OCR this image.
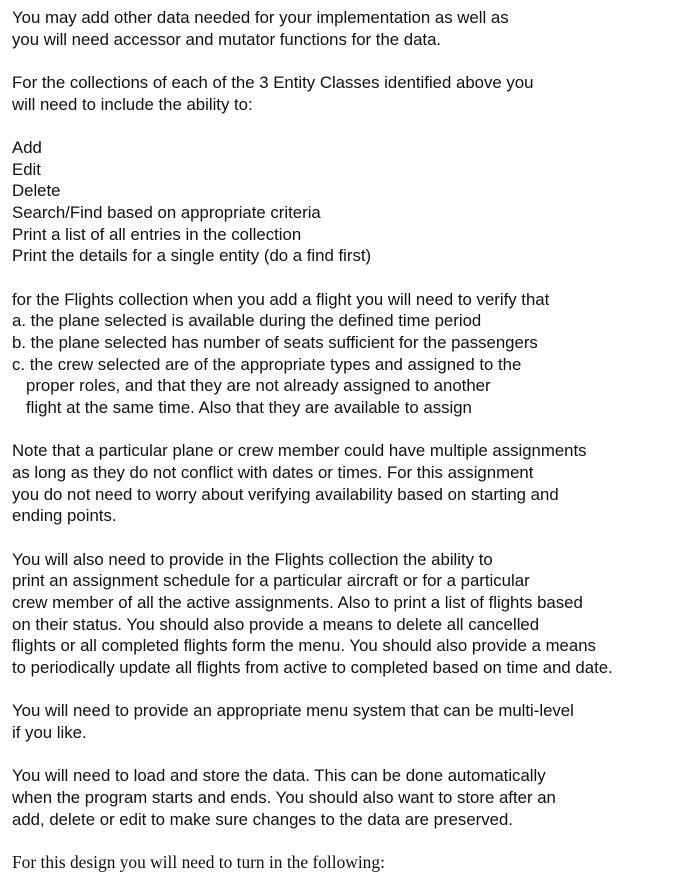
You may add other data needed for your implementation as well as
you will need accessor and mutator functions for the data.
For the collections of each of the 3 Entity Classes identified above you
will need to include the ability to:
Add
Edit
Delete
Search/Find based on appropriate criteria
Print a list of all entries in the collection
Print the details for a single entity (do a find first)
for the Flights collection when you add a flight you will need to verify that
a. the plane selected is available during the defined time period
b. the plane selected has number of seats sufficient for the passengers
c. the crew selected are of the appropriate types and assigned to the
proper roles, and that they are not already assigned to another
flight at the same time. Also that they are available to assign
Note that a particular plane or crew member could have multiple assignments
as long as they do not conflict with dates or times. For this assignment
you do not need to worry about verifying availability based on starting and
ending points.
You will also need to provide in the Flights collection the ability to
print an assignment schedule for a particular aircraft or for a particular
crew member of all the active assignments. Also to print a list of flights based
on their status. You should also provide a means to delete all cancelled
flights or all completed flights form the menu. You should also provide a means
to periodically update all flights from active to completed based on time and date.
You will need to provide an appropriate menu system that can be multi-level
if you like.
You will need to load and store the data. This can be done automatically
when the program starts and ends. You should also want to store after an
add, delete or edit to make sure changes to the data are preserved.
For this design you will need to turn in the following:
